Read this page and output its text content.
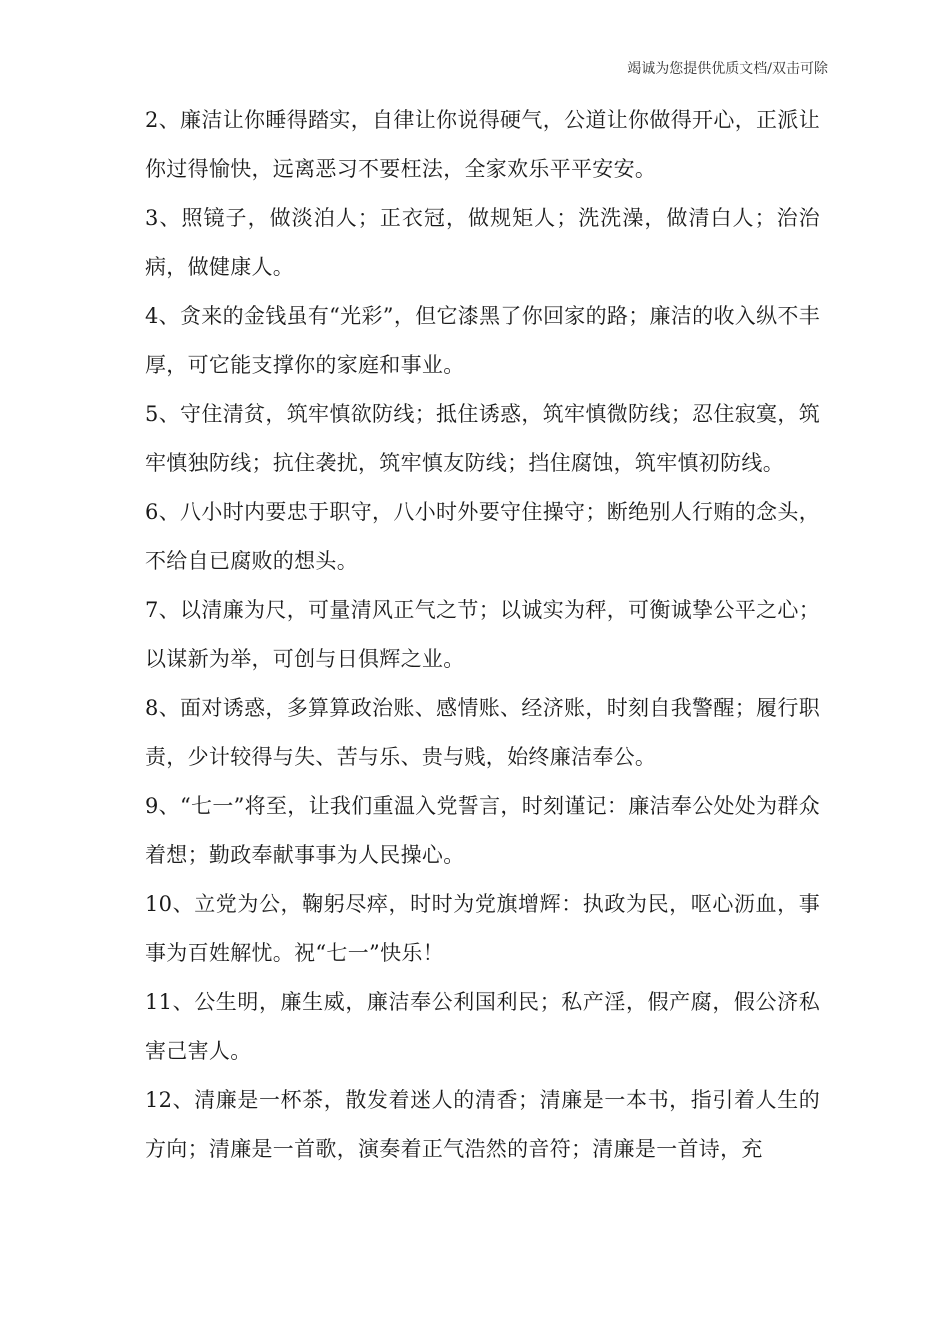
竭诚为您提供优质文档/双击可除

2、廉洁让你睡得踏实，自律让你说得硬气，公道让你做得开心，正派让你过得愉快，远离恶习不要枉法，全家欢乐平平安安。

3、照镜子，做淡泊人；正衣冠，做规矩人；洗洗澡，做清白人；治治病，做健康人。

4、贪来的金钱虽有“光彩”，但它漆黑了你回家的路；廉洁的收入纵不丰厚，可它能支撑你的家庭和事业。

5、守住清贫，筑牢慎欲防线；抵住诱惑，筑牢慎微防线；忍住寂寞，筑牢慎独防线；抗住袭扰，筑牢慎友防线；挡住腐蚀，筑牢慎初防线。

6、八小时内要忠于职守，八小时外要守住操守；断绝别人行贿的念头，不给自已腐败的想头。

7、以清廉为尺，可量清风正气之节；以诚实为秤，可衡诚挚公平之心；以谋新为举，可创与日俱辉之业。

8、面对诱惑，多算算政治账、感情账、经济账，时刻自我警醒；履行职责，少计较得与失、苦与乐、贵与贱，始终廉洁奉公。

9、“七一”将至，让我们重温入党誓言，时刻谨记：廉洁奉公处处为群众着想；勤政奉献事事为人民操心。

10、立党为公，鞠躬尽瘁，时时为党旗增辉：执政为民，呕心沥血，事事为百姓解忧。祝“七一”快乐！

11、公生明，廉生威，廉洁奉公利国利民；私产淫，假产腐，假公济私害己害人。

12、清廉是一杯茶，散发着迷人的清香；清廉是一本书，指引着人生的方向；清廉是一首歌，演奏着正气浩然的音符；清廉是一首诗，充
